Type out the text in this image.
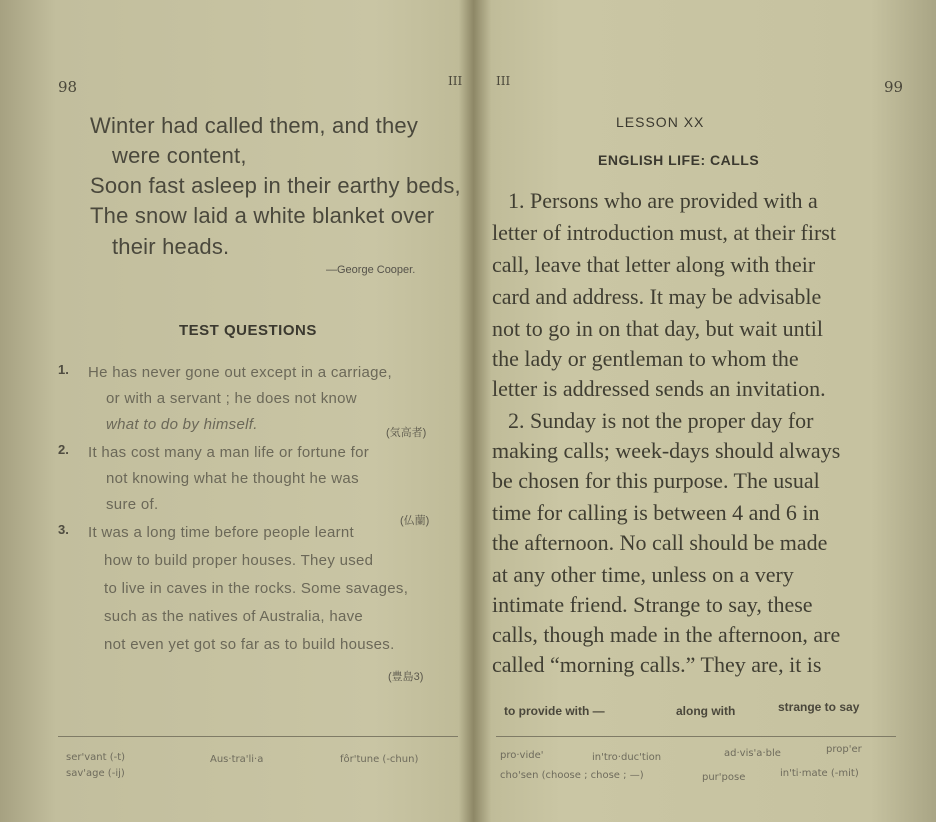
98	III
Winter had called them, and they
were content,
Soon fast asleep in their earthy beds,
The snow laid a white blanket over
their heads.
—George Cooper.
TEST QUESTIONS
1. He has never gone out except in a carriage,
or with a servant ; he does not know
what to do by himself.	(気高者)
2. It has cost many a man life or fortune for
not knowing what he thought he was
sure of.
(仏蘭)
3. It was a long time before people learnt
how to build proper houses. They used
to live in caves in the rocks. Some savages,
such as the natives of Australia, have
not even yet got so far as to build houses.
(豊島3)
ser'vant (-t)	fôr'tune (-chun)
sav'age (-ij)
Aus·tra'li·a
III	99
LESSON XX
ENGLISH LIFE: CALLS
1. Persons who are provided with a
letter of introduction must, at their first
call, leave that letter along with their
card and address. It may be advisable
not to go in on that day, but wait until
the lady or gentleman to whom the
letter is addressed sends an invitation.
2. Sunday is not the proper day for
making calls; week-days should always
be chosen for this purpose. The usual
time for calling is between 4 and 6 in
the afternoon. No call should be made
at any other time, unless on a very
intimate friend. Strange to say, these
calls, though made in the afternoon, are
called “morning calls.” They are, it is
to provide with —	along with	strange to say
pro·vide'	in'tro·duc'tion	ad·vis'a·ble	prop'er
cho'sen (choose ; chose ; —)	pur'pose	in'ti·mate (-mit)
